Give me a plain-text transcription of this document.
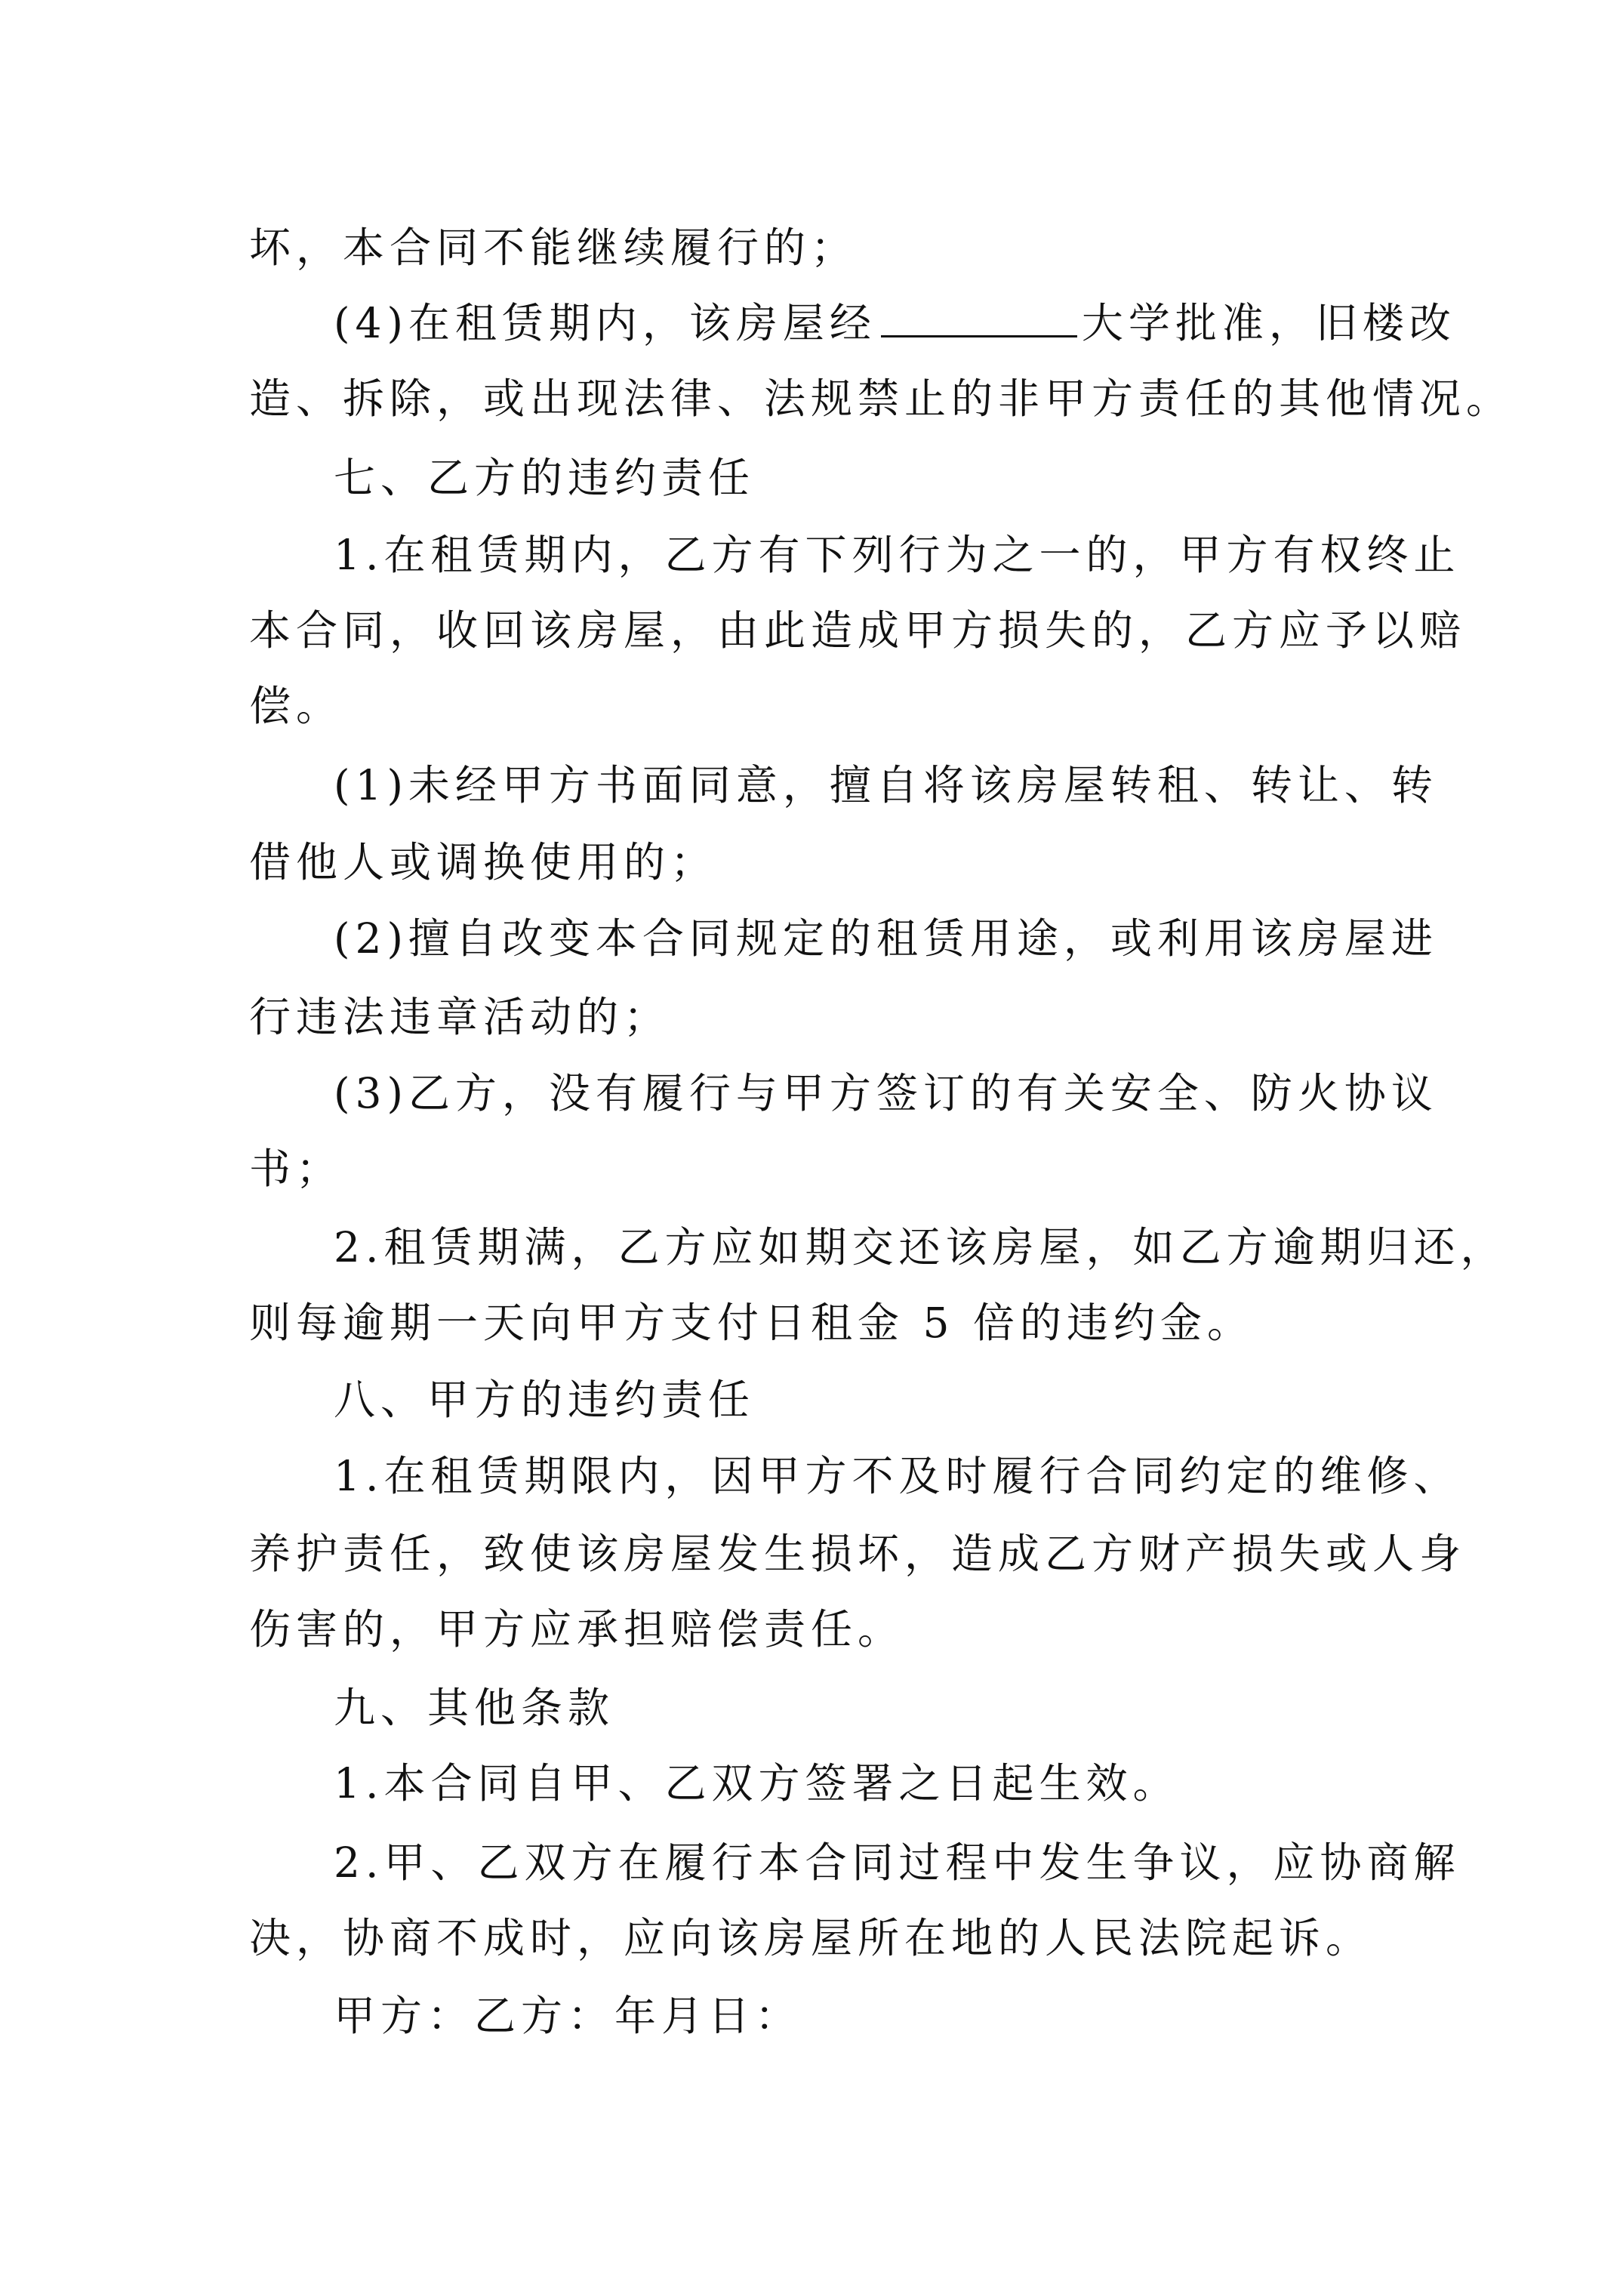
坏，本合同不能继续履行的；
(4)在租赁期内，该房屋经	大学批准，旧楼改
造、拆除，或出现法律、法规禁止的非甲方责任的其他情况。
七、乙方的违约责任
1.在租赁期内，乙方有下列行为之一的，甲方有权终止
本合同，收回该房屋，由此造成甲方损失的，乙方应予以赔
偿。
(1)未经甲方书面同意，擅自将该房屋转租、转让、转
借他人或调换使用的；
(2)擅自改变本合同规定的租赁用途，或利用该房屋进
行违法违章活动的；
(3)乙方，没有履行与甲方签订的有关安全、防火协议
书；
2.租赁期满，乙方应如期交还该房屋，如乙方逾期归还，
则每逾期一天向甲方支付日租金 5 倍的违约金。
八、甲方的违约责任
1.在租赁期限内，因甲方不及时履行合同约定的维修、
养护责任，致使该房屋发生损坏，造成乙方财产损失或人身
伤害的，甲方应承担赔偿责任。
九、其他条款
1.本合同自甲、乙双方签署之日起生效。
2.甲、乙双方在履行本合同过程中发生争议，应协商解
决，协商不成时，应向该房屋所在地的人民法院起诉。
甲方：乙方：年月日：
